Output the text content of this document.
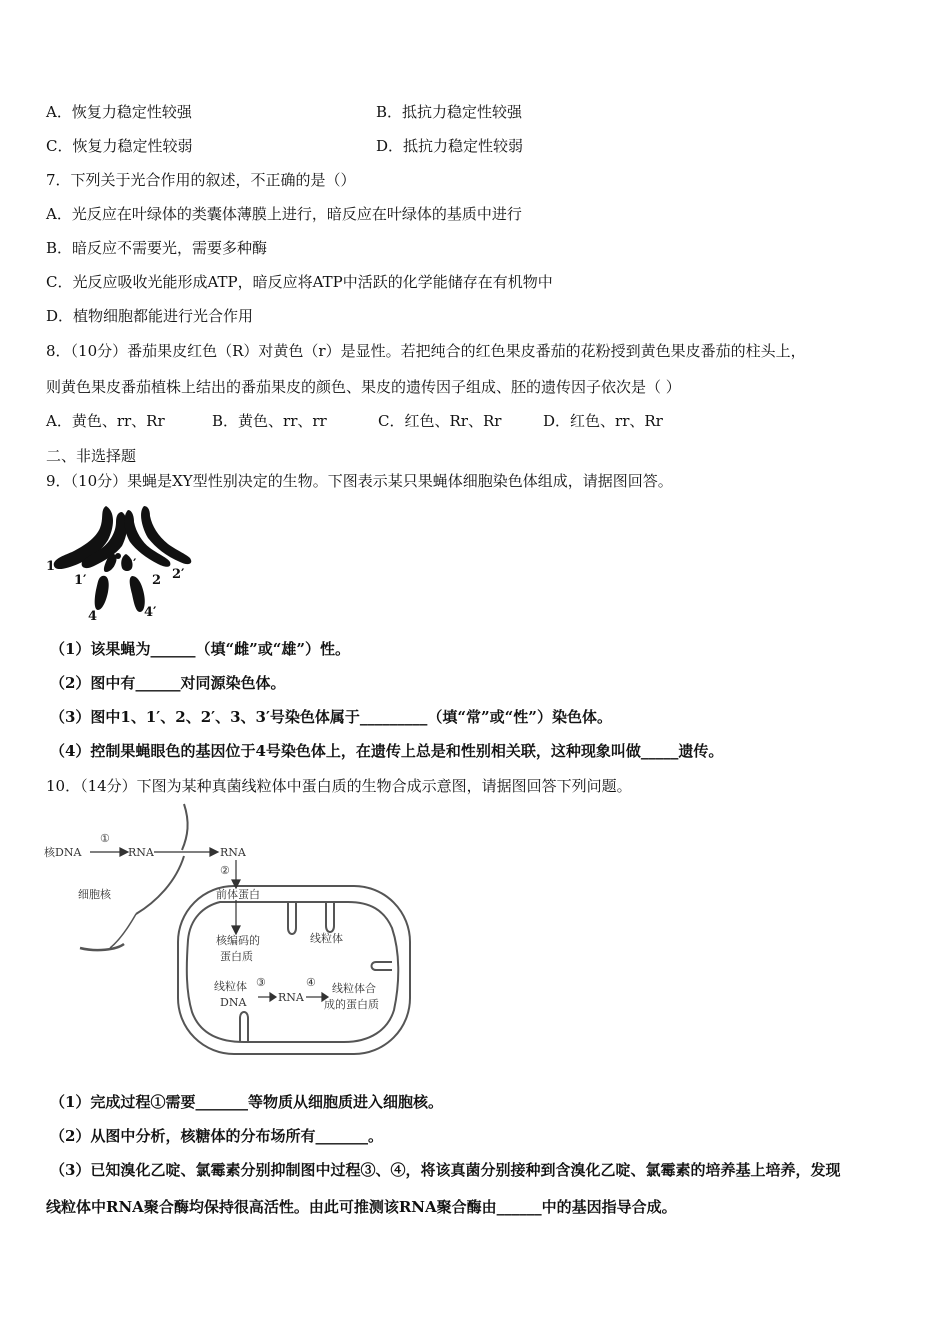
A．恢复力稳定性较强	B．抵抗力稳定性较强
C．恢复力稳定性较弱	D．抵抗力稳定性较弱
7．下列关于光合作用的叙述，不正确的是（）
A．光反应在叶绿体的类囊体薄膜上进行，暗反应在叶绿体的基质中进行
B．暗反应不需要光，需要多种酶
C．光反应吸收光能形成ATP，暗反应将ATP中活跃的化学能储存在有机物中
D．植物细胞都能进行光合作用
8．（10分）番茄果皮红色（R）对黄色（r）是显性。若把纯合的红色果皮番茄的花粉授到黄色果皮番茄的柱头上，
则黄色果皮番茄植株上结出的番茄果皮的颜色、果皮的遗传因子组成、胚的遗传因子依次是（ ）
A．黄色、rr、Rr	B．黄色、rr、rr	C．红色、Rr、Rr	D．红色、rr、Rr
二、非选择题
9．（10分）果蝇是XY型性别决定的生物。下图表示某只果蝇体细胞染色体组成，请据图回答。
1
1′
3 3′
2 2′
4	4′
（1）该果蝇为______（填“雌”或“雄”）性。
（2）图中有______对同源染色体。
（3）图中1、1′、2、2′、3、3′号染色体属于_________（填“常”或“性”）染色体。
（4）控制果蝇眼色的基因位于4号染色体上，在遗传上总是和性别相关联，这种现象叫做_____遗传。
10．（14分）下图为某种真菌线粒体中蛋白质的生物合成示意图，请据图回答下列问题。
核DNA
①
RNA	RNA
②
细胞核	前体蛋白
核编码的
蛋白质
线粒体
线粒体
DNA
③
RNA
④ 线粒体合
成的蛋白质
（1）完成过程①需要_______等物质从细胞质进入细胞核。
（2）从图中分析，核糖体的分布场所有_______。
（3）已知溴化乙啶、氯霉素分别抑制图中过程③、④，将该真菌分别接种到含溴化乙啶、氯霉素的培养基上培养，发现
线粒体中RNA聚合酶均保持很高活性。由此可推测该RNA聚合酶由______中的基因指导合成。
